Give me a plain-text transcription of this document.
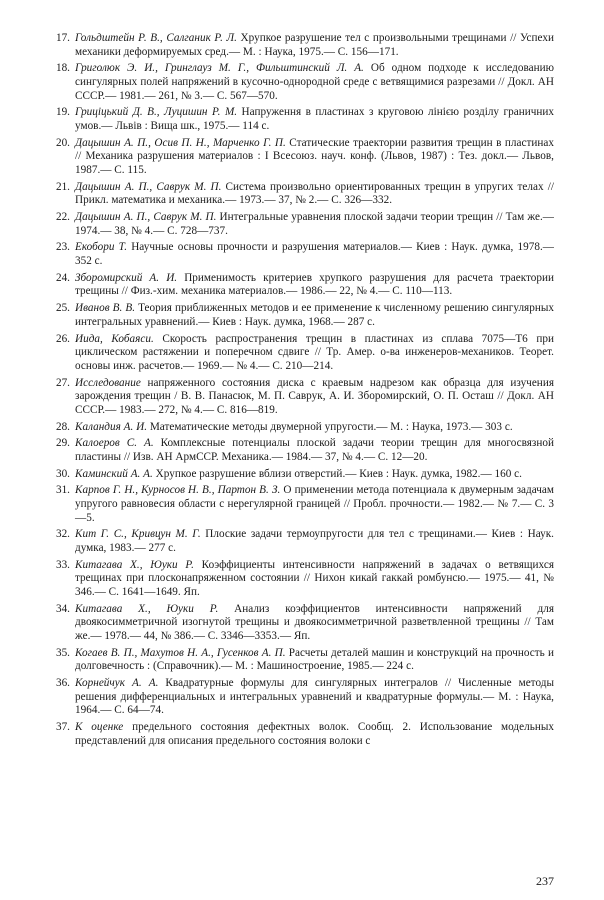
17. Гольдштейн Р. В., Салганик Р. Л. Хрупкое разрушение тел с произвольными трещинами // Успехи механики деформируемых сред.— М. : Наука, 1975.— С. 156—171.
18. Григолюк Э. И., Гринглауз М. Г., Фильштинский Л. А. Об одном подходе к исследованию сингулярных полей напряжений в кусочно-однородной среде с ветвящимися разрезами // Докл. АН СССР.— 1981.— 261, № 3.— С. 567—570.
19. Гриціцький Д. В., Луцишин Р. М. Напруження в пластинах з круговою лінією розділу граничних умов.— Львів : Вища шк., 1975.— 114 с.
20. Дацышин А. П., Осив П. Н., Марченко Г. П. Статические траектории развития трещин в пластинах // Механика разрушения материалов : I Всесоюз. науч. конф. (Львов, 1987) : Тез. докл.— Львов, 1987.— С. 115.
21. Дацышин А. П., Саврук М. П. Система произвольно ориентированных трещин в упругих телах // Прикл. математика и механика.— 1973.— 37, № 2.— С. 326—332.
22. Дацышин А. П., Саврук М. П. Интегральные уравнения плоской задачи теории трещин // Там же.— 1974.— 38, № 4.— С. 728—737.
23. Екобори Т. Научные основы прочности и разрушения материалов.— Киев : Наук. думка, 1978.— 352 с.
24. Збоpомирский А. И. Применимость критериев хрупкого разрушения для расчета траектории трещины // Физ.-хим. механика материалов.— 1986.— 22, № 4.— С. 110—113.
25. Иванов В. В. Теория приближенных методов и ее применение к численному решению сингулярных интегральных уравнений.— Киев : Наук. думка, 1968.— 287 с.
26. Иида, Кобаяси. Скорость распространения трещин в пластинах из сплава 7075—Т6 при циклическом растяжении и поперечном сдвиге // Тр. Амер. о-ва инженеров-механиков. Теорет. основы инж. расчетов.— 1969.— № 4.— С. 210—214.
27. Исследование напряженного состояния диска с краевым надрезом как образца для изучения зарождения трещин / В. В. Панасюк, М. П. Саврук, А. И. Збоpомирский, О. П. Осташ // Докл. АН СССР.— 1983.— 272, № 4.— С. 816—819.
28. Каландия А. И. Математические методы двумерной упругости.— М. : Наука, 1973.— 303 с.
29. Калоеров С. А. Комплексные потенциалы плоской задачи теории трещин для многосвязной пластины // Изв. АН АрмССР. Механика.— 1984.— 37, № 4.— С. 12—20.
30. Каминский А. А. Хрупкое разрушение вблизи отверстий.— Киев : Наук. думка, 1982.— 160 с.
31. Карпов Г. Н., Курносов Н. В., Партон В. З. О применении метода потенциала к двумерным задачам упругого равновесия области с нерегулярной границей // Пробл. прочности.— 1982.— № 7.— С. 3—5.
32. Кит Г. С., Кривцун М. Г. Плоские задачи термоупругости для тел с трещинами.— Киев : Наук. думка, 1983.— 277 с.
33. Китагава Х., Юуки Р. Коэффициенты интенсивности напряжений в задачах о ветвящихся трещинах при плосконапряженном состоянии // Нихон кикай гаккай ромбунсю.— 1975.— 41, № 346.— С. 1641—1649. Яп.
34. Китагава Х., Юуки Р. Анализ коэффициентов интенсивности напряжений для двоякосимметричной изогнутой трещины и двоякосимметричной разветвленной трещины // Там же.— 1978.— 44, № 386.— С. 3346—3353.— Яп.
35. Когаев В. П., Махутов Н. А., Гусенков А. П. Расчеты деталей машин и конструкций на прочность и долговечность : (Справочник).— М. : Машиностроение, 1985.— 224 с.
36. Корнейчук А. А. Квадратурные формулы для сингулярных интегралов // Численные методы решения дифференциальных и интегральных уравнений и квадратурные формулы.— М. : Наука, 1964.— С. 64—74.
37. К оценке предельного состояния дефектных волок. Сообщ. 2. Использование модельных представлений для описания предельного состояния волоки с
237
